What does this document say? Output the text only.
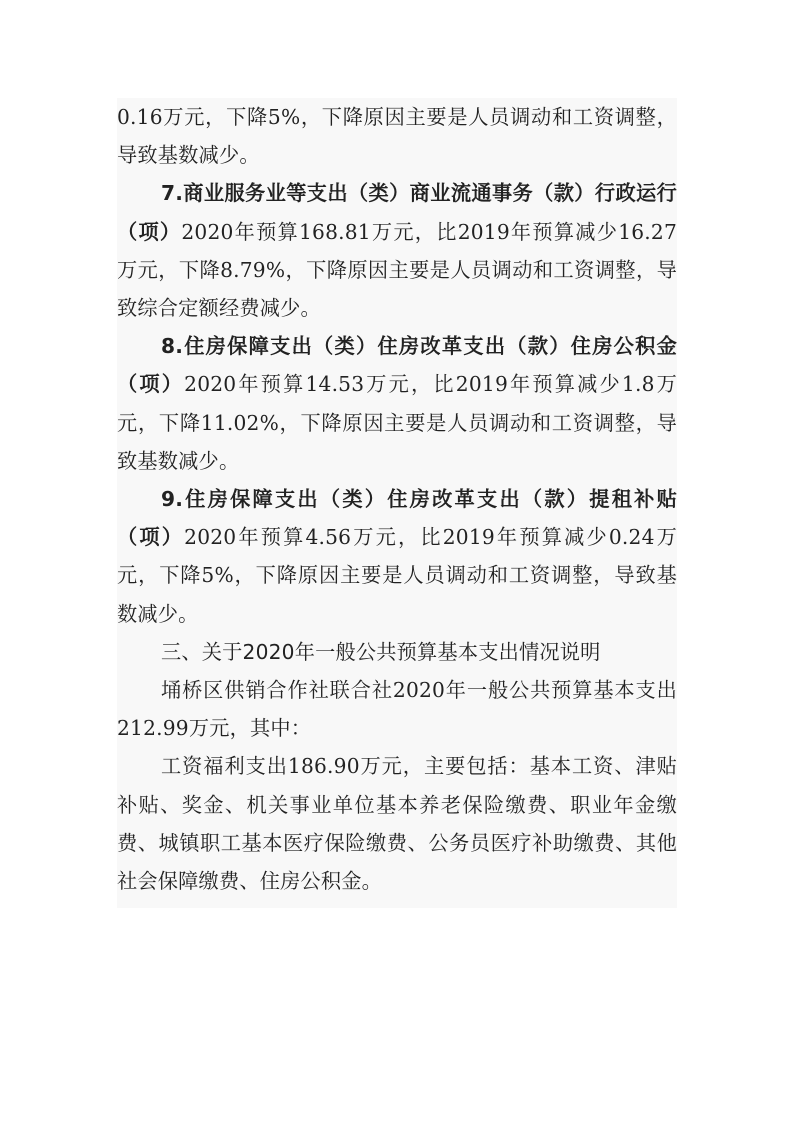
0.16万元，下降5%，下降原因主要是人员调动和工资调整，导致基数减少。

7.商业服务业等支出（类）商业流通事务（款）行政运行（项）2020年预算168.81万元，比2019年预算减少16.27万元，下降8.79%，下降原因主要是人员调动和工资调整，导致综合定额经费减少。

8.住房保障支出（类）住房改革支出（款）住房公积金（项）2020年预算14.53万元，比2019年预算减少1.8万元，下降11.02%，下降原因主要是人员调动和工资调整，导致基数减少。

9.住房保障支出（类）住房改革支出（款）提租补贴（项）2020年预算4.56万元，比2019年预算减少0.24万元，下降5%，下降原因主要是人员调动和工资调整，导致基数减少。

三、关于2020年一般公共预算基本支出情况说明

埇桥区供销合作社联合社2020年一般公共预算基本支出212.99万元，其中：

工资福利支出186.90万元，主要包括：基本工资、津贴补贴、奖金、机关事业单位基本养老保险缴费、职业年金缴费、城镇职工基本医疗保险缴费、公务员医疗补助缴费、其他社会保障缴费、住房公积金。
